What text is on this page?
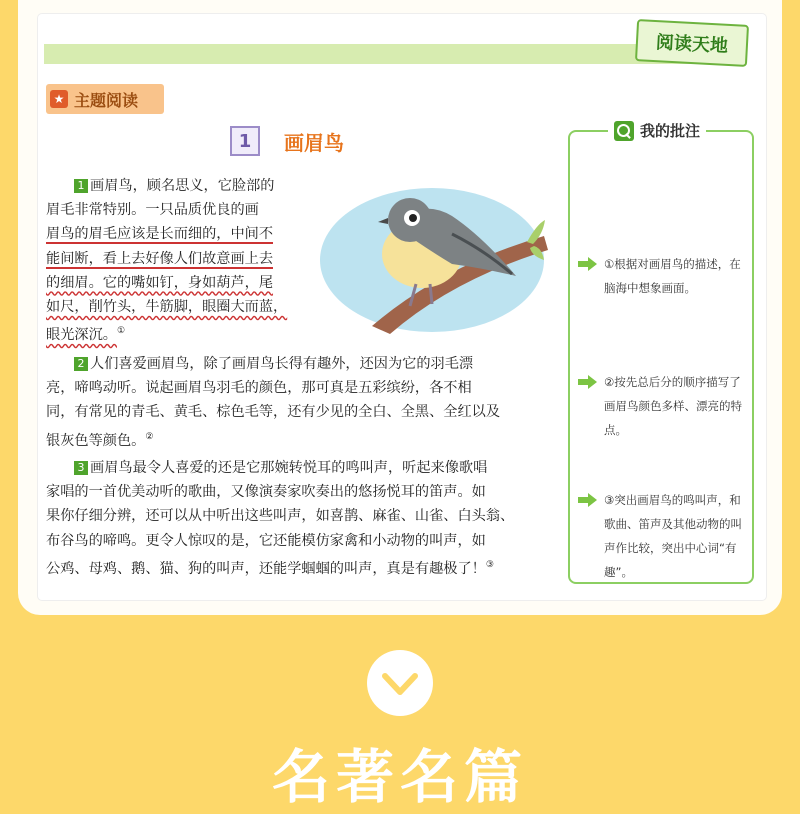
阅读天地
★ 主题阅读
1	画眉鸟
1 画眉鸟，顾名思义，它脸部的
眉毛非常特别。一只品质优良的画
眉鸟的眉毛应该是长而细的，中间不
能间断，看上去好像人们故意画上去
的细眉。它的嘴如钉，身如葫芦，尾
如尺，削竹头，牛筋脚，眼圈大而蓝，
眼光深沉。①
2 人们喜爱画眉鸟，除了画眉鸟长得有趣外，还因为它的羽毛漂
亮，啼鸣动听。说起画眉鸟羽毛的颜色，那可真是五彩缤纷，各不相
同，有常见的青毛、黄毛、棕色毛等，还有少见的全白、全黑、全红以及
银灰色等颜色。②
3 画眉鸟最令人喜爱的还是它那婉转悦耳的鸣叫声，听起来像歌唱
家唱的一首优美动听的歌曲，又像演奏家吹奏出的悠扬悦耳的笛声。如
果你仔细分辨，还可以从中听出这些叫声，如喜鹊、麻雀、山雀、白头翁、
布谷鸟的啼鸣。更令人惊叹的是，它还能模仿家禽和小动物的叫声，如
公鸡、母鸡、鹅、猫、狗的叫声，还能学蝈蝈的叫声，真是有趣极了！③
我的批注
①根据对画眉鸟的描述，在脑海中想象画面。
②按先总后分的顺序描写了画眉鸟颜色多样、漂亮的特点。
③突出画眉鸟的鸣叫声，和歌曲、笛声及其他动物的叫声作比较，突出中心词“有趣”。
名著名篇
